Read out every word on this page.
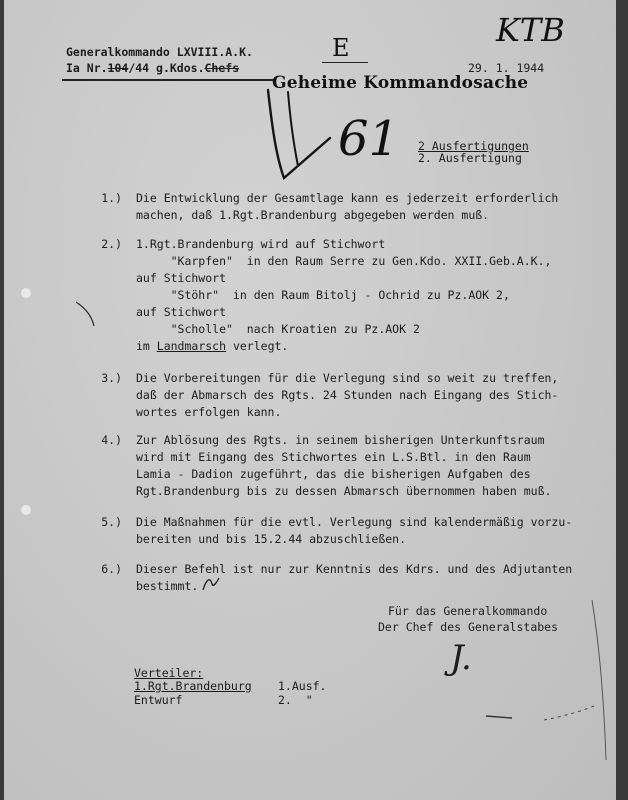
Generalkommando LXVIII.A.K.
Ia Nr.104/44 g.Kdos.Chefs	29. 1. 1944
KTB
E
Geheime Kommandosache
61 2 Ausfertigungen
2. Ausfertigung
1.) Die Entwicklung der Gesamtlage kann es jederzeit erforderlich
machen, daß 1.Rgt.Brandenburg abgegeben werden muß.
2.) 1.Rgt.Brandenburg wird auf Stichwort
"Karpfen"  in den Raum Serre zu Gen.Kdo. XXII.Geb.A.K.,
auf Stichwort
"Stöhr"  in den Raum Bitolj - Ochrid zu Pz.AOK 2,
auf Stichwort
"Scholle"  nach Kroatien zu Pz.AOK 2
im Landmarsch verlegt.
3.) Die Vorbereitungen für die Verlegung sind so weit zu treffen,
daß der Abmarsch des Rgts. 24 Stunden nach Eingang des Stich-
wortes erfolgen kann.
4.) Zur Ablösung des Rgts. in seinem bisherigen Unterkunftsraum
wird mit Eingang des Stichwortes ein L.S.Btl. in den Raum
Lamia - Dadion zugeführt, das die bisherigen Aufgaben des
Rgt.Brandenburg bis zu dessen Abmarsch übernommen haben muß.
5.) Die Maßnahmen für die evtl. Verlegung sind kalendermäßig vorzu-
bereiten und bis 15.2.44 abzuschließen.
6.) Dieser Befehl ist nur zur Kenntnis des Kdrs. und des Adjutanten
bestimmt.
Für das Generalkommando
Der Chef des Generalstabes
J.
Verteiler:
1.Rgt.Brandenburg 1.Ausf.
Entwurf	2.  "
